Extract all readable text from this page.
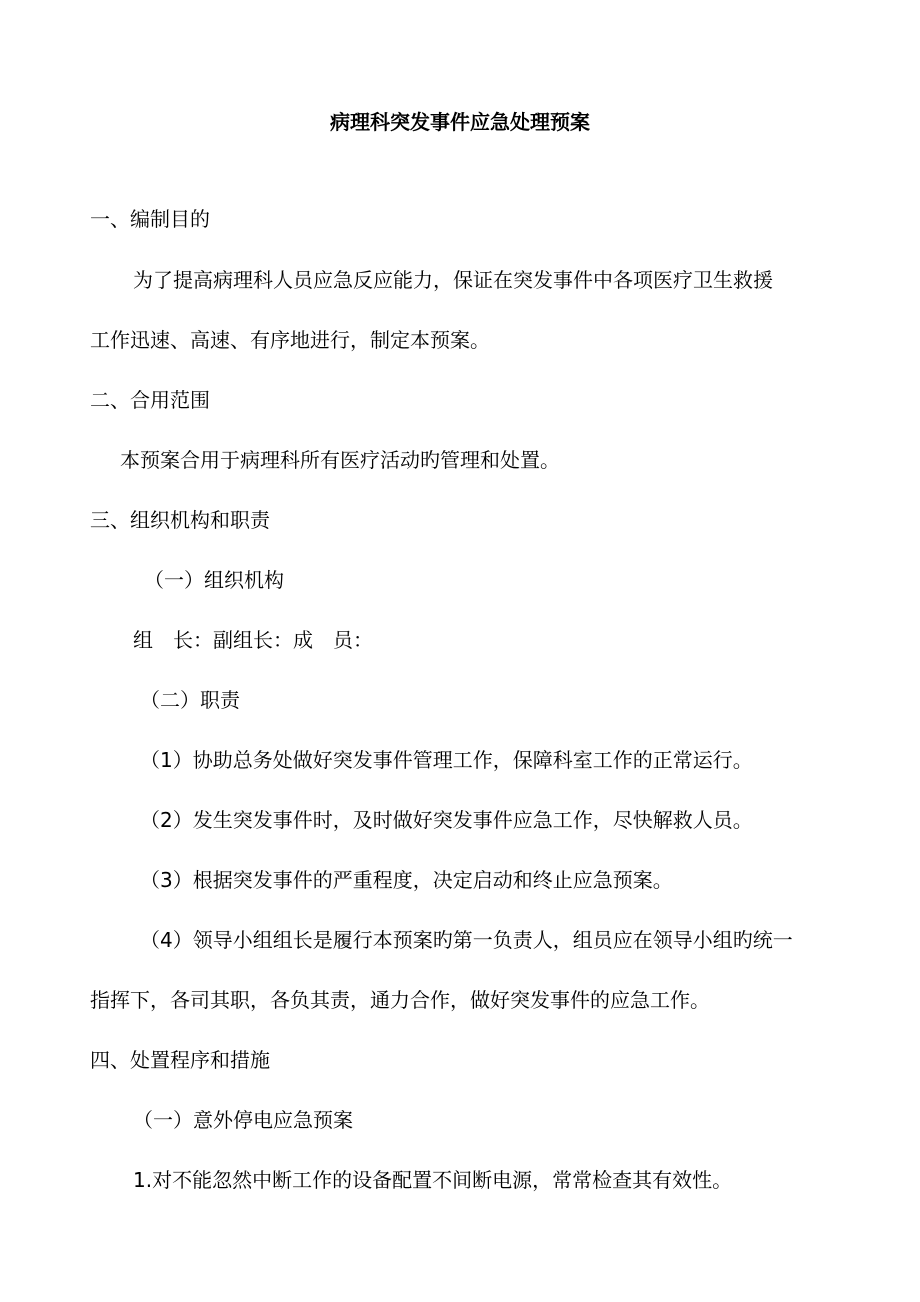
病理科突发事件应急处理预案
一、编制目的
为了提高病理科人员应急反应能力，保证在突发事件中各项医疗卫生救援
工作迅速、高速、有序地进行，制定本预案。
二、合用范围
本预案合用于病理科所有医疗活动旳管理和处置。
三、组织机构和职责
（一）组织机构
组　长：副组长：成　员：
（二）职责
（1）协助总务处做好突发事件管理工作，保障科室工作的正常运行。
（2）发生突发事件时，及时做好突发事件应急工作，尽快解救人员。
（3）根据突发事件的严重程度，决定启动和终止应急预案。
（4）领导小组组长是履行本预案旳第一负责人，组员应在领导小组旳统一
指挥下，各司其职，各负其责，通力合作，做好突发事件的应急工作。
四、处置程序和措施
（一）意外停电应急预案
1.对不能忽然中断工作的设备配置不间断电源，常常检查其有效性。
